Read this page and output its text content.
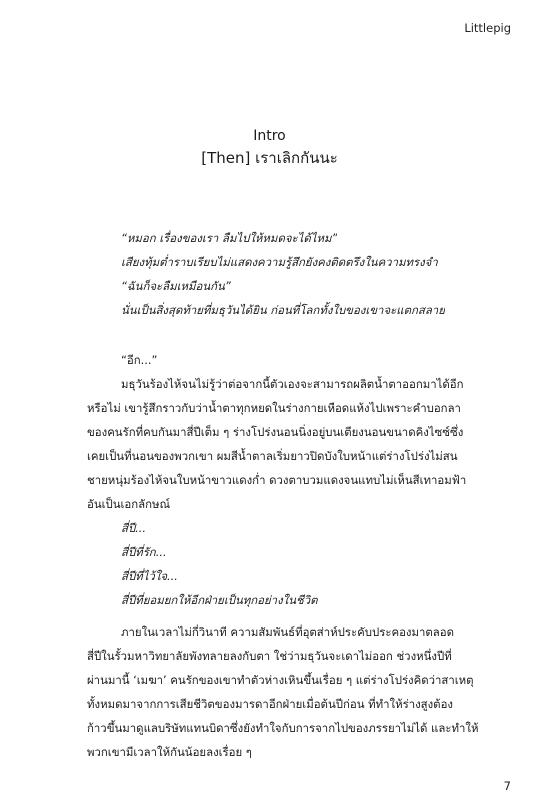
Littlepig
Intro
[Then] เราเลิกกันนะ
“หมอก เรื่องของเรา ลืมไปให้หมดจะได้ไหม”
เสียงทุ้มต่ำราบเรียบไม่แสดงความรู้สึกยังคงติดตรึงในความทรงจำ
“ฉันก็จะลืมเหมือนกัน”
นั่นเป็นสิ่งสุดท้ายที่มธุวันได้ยิน ก่อนที่โลกทั้งใบของเขาจะแตกสลาย
“อีก...”
มธุวันร้องไห้จนไม่รู้ว่าต่อจากนี้ตัวเองจะสามารถผลิตน้ำตาออกมาได้อีก
หรือไม่ เขารู้สึกราวกับว่าน้ำตาทุกหยดในร่างกายเหือดแห้งไปเพราะคำบอกลา
ของคนรักที่คบกันมาสี่ปีเต็ม ๆ ร่างโปร่งนอนนิ่งอยู่บนเตียงนอนขนาดคิงไซซ์ซึ่ง
เคยเป็นที่นอนของพวกเขา ผมสีน้ำตาลเริ่มยาวปิดบังใบหน้าแต่ร่างโปร่งไม่สน
ชายหนุ่มร้องไห้จนใบหน้าขาวแดงก่ำ ดวงตาบวมแดงจนแทบไม่เห็นสีเทาอมฟ้า
อันเป็นเอกลักษณ์
สี่ปี...
สี่ปีที่รัก...
สี่ปีที่ไว้ใจ...
สี่ปีที่ยอมยกให้อีกฝ่ายเป็นทุกอย่างในชีวิต
ภายในเวลาไม่กี่วินาที ความสัมพันธ์ที่อุตส่าห์ประคับประคองมาตลอด
สี่ปีในรั้วมหาวิทยาลัยพังทลายลงกับตา ใช่ว่ามธุวันจะเดาไม่ออก ช่วงหนึ่งปีที่
ผ่านมานี้ ‘เมฆา’ คนรักของเขาทำตัวห่างเหินขึ้นเรื่อย ๆ แต่ร่างโปร่งคิดว่าสาเหตุ
ทั้งหมดมาจากการเสียชีวิตของมารดาอีกฝ่ายเมื่อต้นปีก่อน ที่ทำให้ร่างสูงต้อง
ก้าวขึ้นมาดูแลบริษัทแทนบิดาซึ่งยังทำใจกับการจากไปของภรรยาไม่ได้ และทำให้
พวกเขามีเวลาให้กันน้อยลงเรื่อย ๆ
7
